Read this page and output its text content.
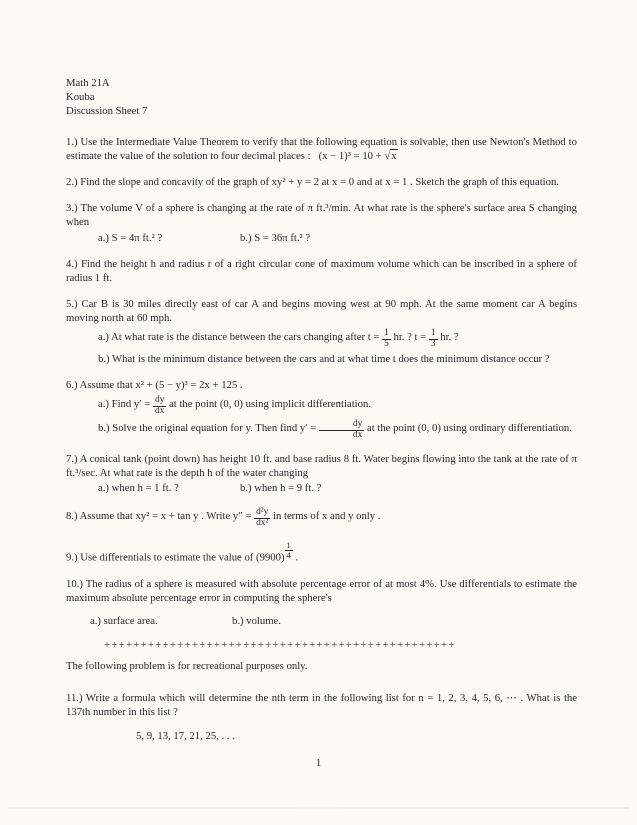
Math 21A
Kouba
Discussion Sheet 7
1.) Use the Intermediate Value Theorem to verify that the following equation is solvable, then use Newton's Method to estimate the value of the solution to four decimal places :   (x − 1)³ = 10 + √x
2.) Find the slope and concavity of the graph of xy² + y = 2 at x = 0 and at x = 1 . Sketch the graph of this equation.
3.) The volume V of a sphere is changing at the rate of π ft.³/min. At what rate is the sphere's surface area S changing when
a.) S = 4π ft.² ?	b.) S = 36π ft.² ?
4.) Find the height h and radius r of a right circular cone of maximum volume which can be inscribed in a sphere of radius 1 ft.
5.) Car B is 30 miles directly east of car A and begins moving west at 90 mph. At the same moment car A begins moving north at 60 mph.
a.) At what rate is the distance between the cars changing after $t = \frac{1}{5}$ hr. ? $t = \frac{1}{3}$ hr. ?
b.) What is the minimum distance between the cars and at what time t does the minimum distance occur ?
6.) Assume that x² + (5 − y)³ = 2x + 125 .
a.) Find $y' = \frac{dy}{dx}$ at the point (0, 0) using implicit differentiation.
b.) Solve the original equation for y. Then find $y' = \frac{dy}{dx}$ at the point (0, 0) using ordinary differentiation.
7.) A conical tank (point down) has height 10 ft. and base radius 8 ft. Water begins flowing into the tank at the rate of π ft.³/sec. At what rate is the depth h of the water changing
a.) when h = 1 ft. ?	b.) when h = 9 ft. ?
8.) Assume that xy² = x + tan y . Write $y'' = \frac{\text{d²y}}{\text{dx²}}$ in terms of x and y only .
9.) Use differentials to estimate the value of $(9900) \frac{1}{4}$ .
10.) The radius of a sphere is measured with absolute percentage error of at most 4%. Use differentials to estimate the maximum absolute percentage error in computing the sphere's
a.) surface area.	b.) volume.
++++++++++++++++++++++++++++++++++++++++++++++++
The following problem is for recreational purposes only.
11.) Write a formula which will determine the nth term in the following list for n = 1, 2, 3, 4, 5, 6, ⋯ . What is the 137th number in this list ?
5, 9, 13, 17, 21, 25, . . .
1
